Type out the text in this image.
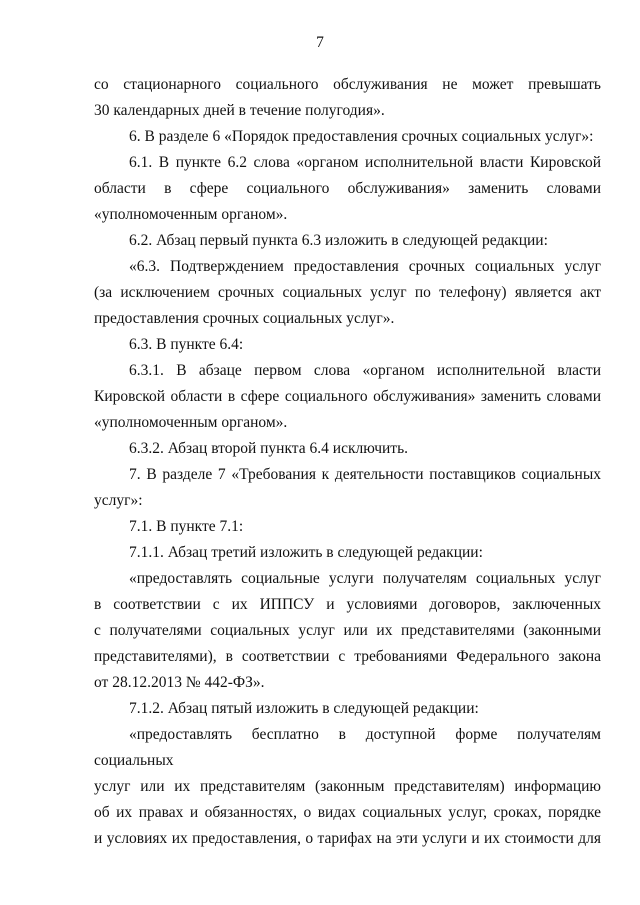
7

со стационарного социального обслуживания не может превышать

30 календарных дней в течение полугодия».

6. В разделе 6 «Порядок предоставления срочных социальных услуг»:

6.1. В пункте 6.2 слова «органом исполнительной власти Кировской

области в сфере социального обслуживания» заменить словами

«уполномоченным органом».

6.2. Абзац первый пункта 6.3 изложить в следующей редакции:

«6.3. Подтверждением предоставления срочных социальных услуг

(за исключением срочных социальных услуг по телефону) является акт

предоставления срочных социальных услуг».

6.3. В пункте 6.4:

6.3.1. В абзаце первом слова «органом исполнительной власти

Кировской области в сфере социального обслуживания» заменить словами

«уполномоченным органом».

6.3.2. Абзац второй пункта 6.4 исключить.

7. В разделе 7 «Требования к деятельности поставщиков социальных

услуг»:

7.1. В пункте 7.1:

7.1.1. Абзац третий изложить в следующей редакции:

«предоставлять социальные услуги получателям социальных услуг

в соответствии с их ИППСУ и условиями договоров, заключенных

с получателями социальных услуг или их представителями (законными

представителями), в соответствии с требованиями Федерального закона

от 28.12.2013 № 442-ФЗ».

7.1.2. Абзац пятый изложить в следующей редакции:

«предоставлять бесплатно в доступной форме получателям социальных

услуг или их представителям (законным представителям) информацию

об их правах и обязанностях, о видах социальных услуг, сроках, порядке

и условиях их предоставления, о тарифах на эти услуги и их стоимости для
